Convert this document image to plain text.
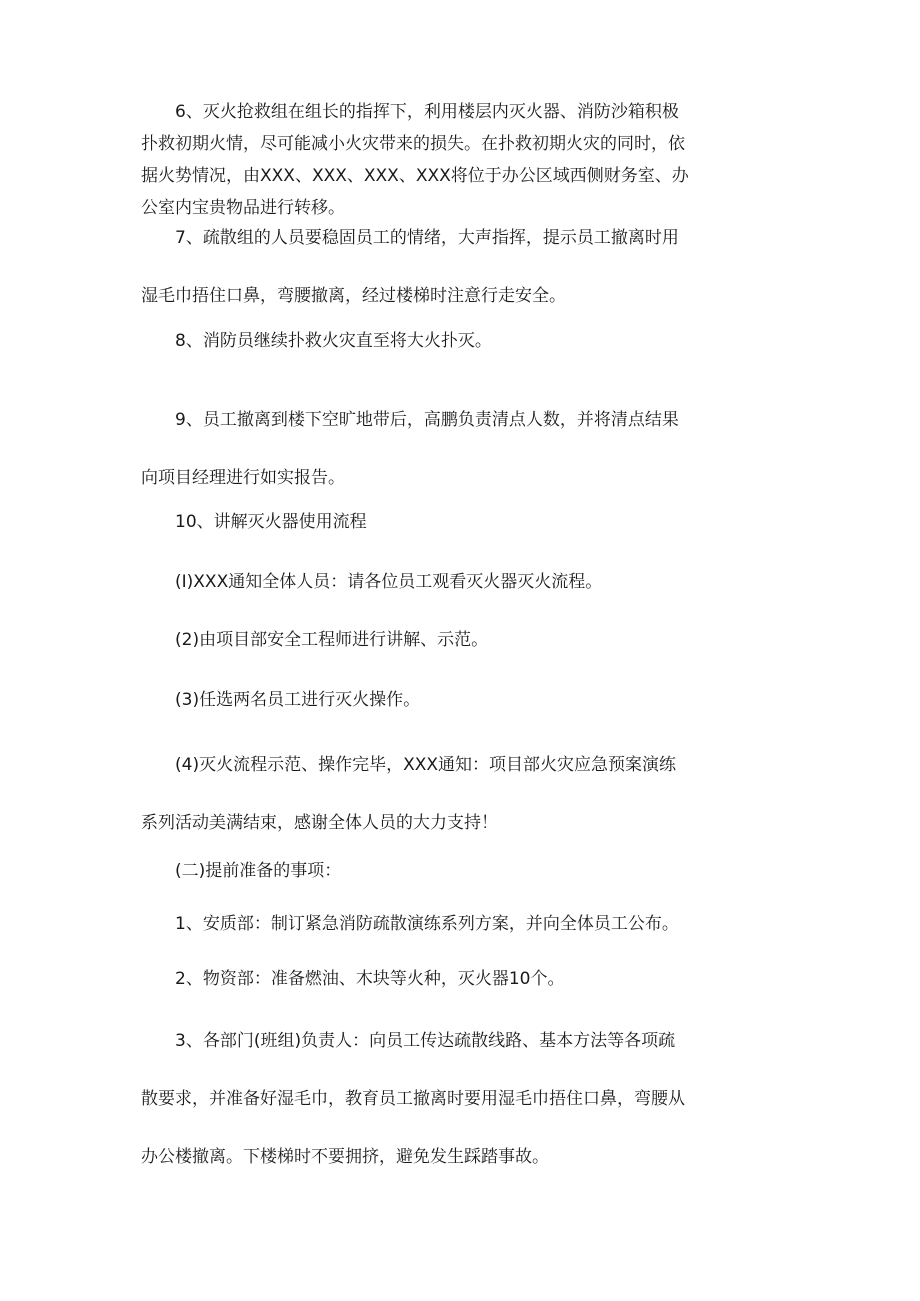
　　6、灭火抢救组在组长的指挥下，利用楼层内灭火器、消防沙箱积极
扑救初期火情，尽可能减小火灾带来的损失。在扑救初期火灾的同时，依
据火势情况，由XXX、XXX、XXX、XXX将位于办公区域西侧财务室、办
公室内宝贵物品进行转移。
　　7、疏散组的人员要稳固员工的情绪，大声指挥，提示员工撤离时用
湿毛巾捂住口鼻，弯腰撤离，经过楼梯时注意行走安全。
　　8、消防员继续扑救火灾直至将大火扑灭。
　　9、员工撤离到楼下空旷地带后，高鹏负责清点人数，并将清点结果
向项目经理进行如实报告。
　　10、讲解灭火器使用流程
　　(I)XXX通知全体人员：请各位员工观看灭火器灭火流程。
　　(2)由项目部安全工程师进行讲解、示范。
　　(3)任选两名员工进行灭火操作。
　　(4)灭火流程示范、操作完毕，XXX通知：项目部火灾应急预案演练
系列活动美满结束，感谢全体人员的大力支持！
　　(二)提前准备的事项：
　　1、安质部：制订紧急消防疏散演练系列方案，并向全体员工公布。
　　2、物资部：准备燃油、木块等火种，灭火器10个。
　　3、各部门(班组)负责人：向员工传达疏散线路、基本方法等各项疏
散要求，并准备好湿毛巾，教育员工撤离时要用湿毛巾捂住口鼻，弯腰从
办公楼撤离。下楼梯时不要拥挤，避免发生踩踏事故。
